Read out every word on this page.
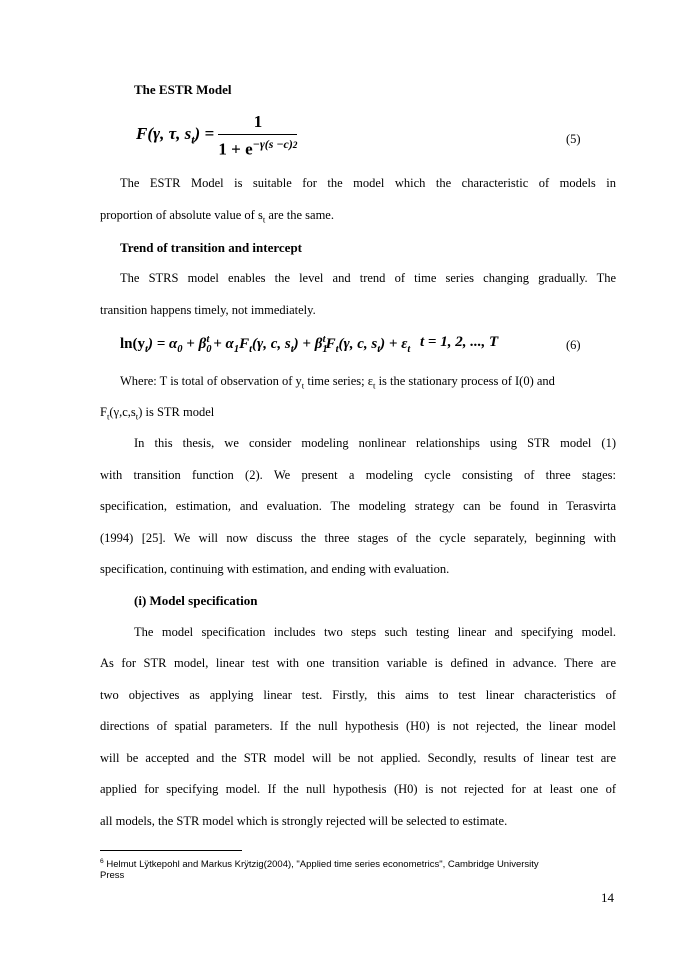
The ESTR Model
F(γ, τ, $s_t) = \frac{1}{1 + e^{-\gamma(s -c)2}}$	(5)
The ESTR Model is suitable for the model which the characteristic of models in
proportion of absolute value of $s_t$ are the same.
Trend of transition and intercept
The STRS model enables the level and trend of time series changing gradually. The
transition happens timely, not immediately.
$\ln(y_t) = \alpha_0 + \beta_0^t + \alpha_1F_t(\gamma$, c, $s_t) + \beta_1^tF_t(\gamma$, c, $s_t) + \varepsilon_t$ t = 1, 2, ..., T	(6)
Where: T is total of observation of $y_t$ time series; $\varepsilon_t$ is the stationary process of I(0) and
$F_t(\gamma,c,s_t)$ is STR model
In this thesis, we consider modeling nonlinear relationships using STR model (1)
with transition function (2). We present a modeling cycle consisting of three stages:
specification, estimation, and evaluation. The modeling strategy can be found in Terasvirta
(1994) [25]. We will now discuss the three stages of the cycle separately, beginning with
specification, continuing with estimation, and ending with evaluation.
(i) Model specification
The model specification includes two steps such testing linear and specifying model.
As for STR model, linear test with one transition variable is defined in advance. There are
two objectives as applying linear test. Firstly, this aims to test linear characteristics of
directions of spatial parameters. If the null hypothesis (H0) is not rejected, the linear model
will be accepted and the STR model will be not applied. Secondly, results of linear test are
applied for specifying model. If the null hypothesis (H0) is not rejected for at least one of
all models, the STR model which is strongly rejected will be selected to estimate.
$^6$ Helmut Lÿtkepohl and Markus Krÿtzig(2004), "Applied time series econometrics", Cambridge University
Press
14
